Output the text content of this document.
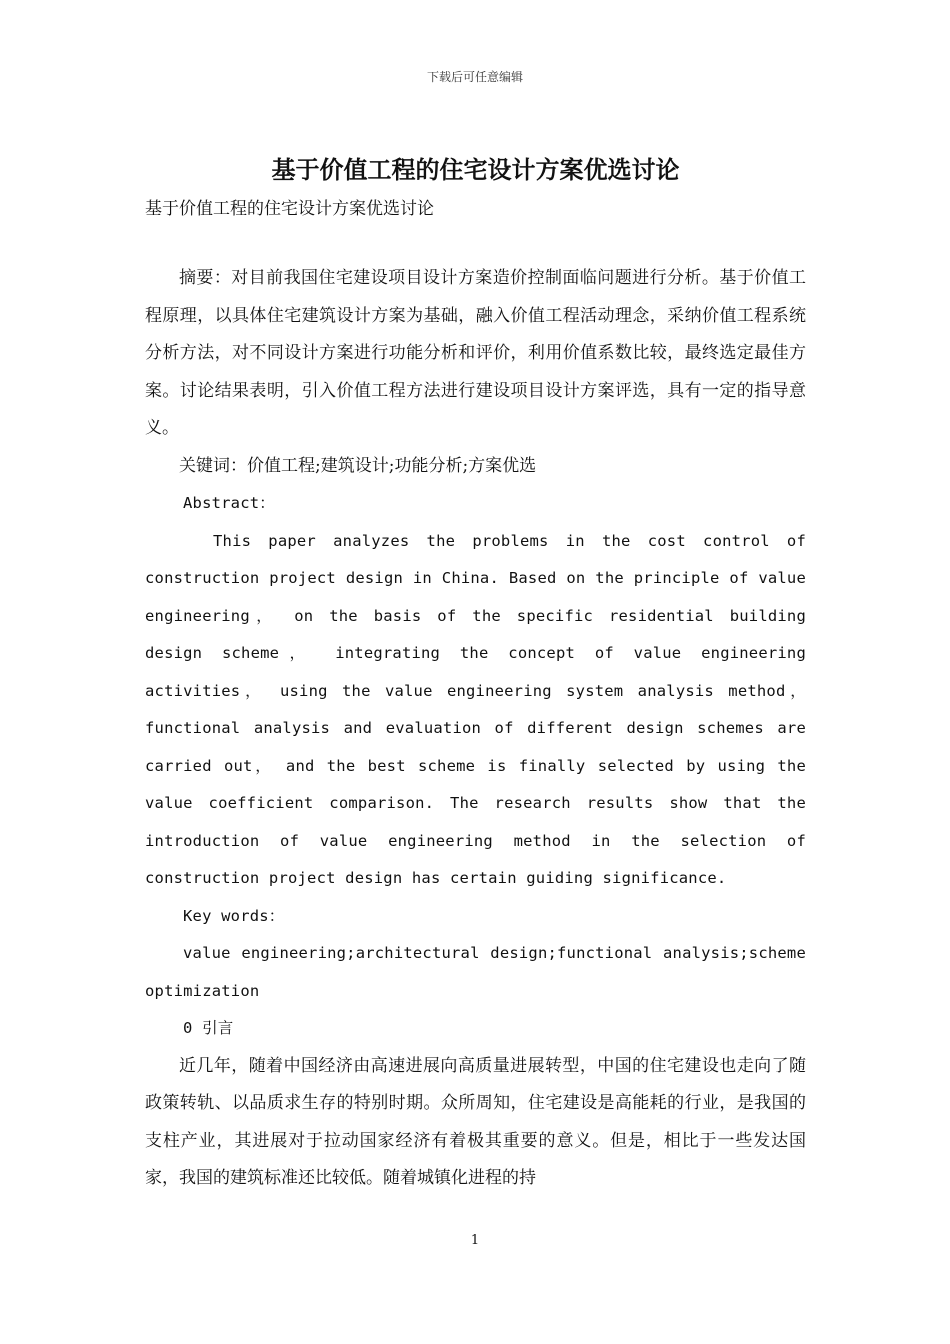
下载后可任意编辑
基于价值工程的住宅设计方案优选讨论
基于价值工程的住宅设计方案优选讨论

摘要：对目前我国住宅建设项目设计方案造价控制面临问题进行分析。基于价值工程原理，以具体住宅建筑设计方案为基础，融入价值工程活动理念，采纳价值工程系统分析方法，对不同设计方案进行功能分析和评价，利用价值系数比较，最终选定最佳方案。讨论结果表明，引入价值工程方法进行建设项目设计方案评选，具有一定的指导意义。

关键词：价值工程;建筑设计;功能分析;方案优选

Abstract：

This paper analyzes the problems in the cost control of construction project design in China. Based on the principle of value engineering， on the basis of the specific residential building design scheme， integrating the concept of value engineering activities， using the value engineering system analysis method， functional analysis and evaluation of different design schemes are carried out， and the best scheme is finally selected by using the value coefficient comparison. The research results show that the introduction of value engineering method in the selection of construction project design has certain guiding significance.

Key words：

value engineering;architectural design;functional analysis;scheme optimization

0 引言

近几年，随着中国经济由高速进展向高质量进展转型，中国的住宅建设也走向了随政策转轨、以品质求生存的特别时期。众所周知，住宅建设是高能耗的行业，是我国的支柱产业，其进展对于拉动国家经济有着极其重要的意义。但是，相比于一些发达国家，我国的建筑标准还比较低。随着城镇化进程的持

1
